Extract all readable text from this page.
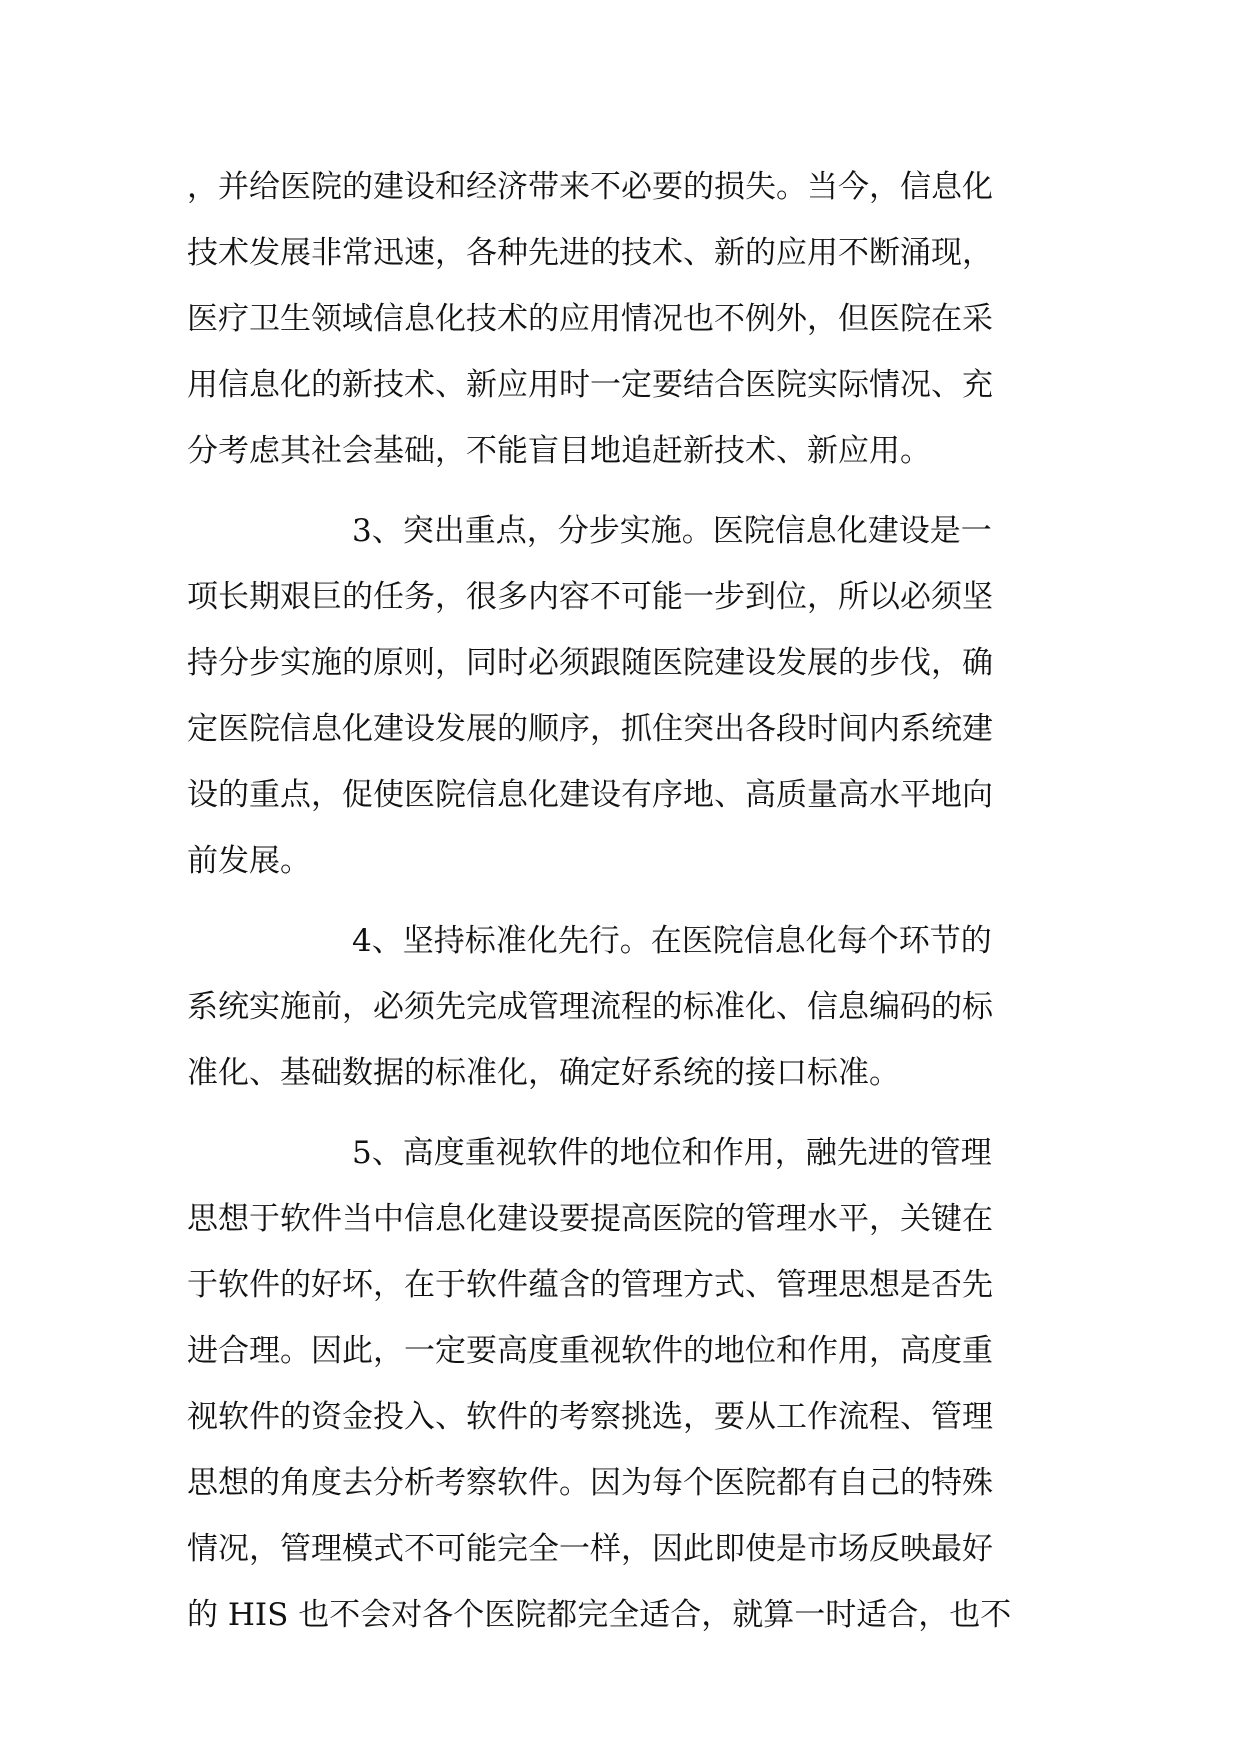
，并给医院的建设和经济带来不必要的损失。当今，信息化
技术发展非常迅速，各种先进的技术、新的应用不断涌现，
医疗卫生领域信息化技术的应用情况也不例外，但医院在采
用信息化的新技术、新应用时一定要结合医院实际情况、充
分考虑其社会基础，不能盲目地追赶新技术、新应用。
3、突出重点，分步实施。医院信息化建设是一
项长期艰巨的任务，很多内容不可能一步到位，所以必须坚
持分步实施的原则，同时必须跟随医院建设发展的步伐，确
定医院信息化建设发展的顺序，抓住突出各段时间内系统建
设的重点，促使医院信息化建设有序地、高质量高水平地向
前发展。
4、坚持标准化先行。在医院信息化每个环节的
系统实施前，必须先完成管理流程的标准化、信息编码的标
准化、基础数据的标准化，确定好系统的接口标准。
5、高度重视软件的地位和作用，融先进的管理
思想于软件当中信息化建设要提高医院的管理水平，关键在
于软件的好坏，在于软件蕴含的管理方式、管理思想是否先
进合理。因此，一定要高度重视软件的地位和作用，高度重
视软件的资金投入、软件的考察挑选，要从工作流程、管理
思想的角度去分析考察软件。因为每个医院都有自己的特殊
情况，管理模式不可能完全一样，因此即使是市场反映最好
的 HIS 也不会对各个医院都完全适合，就算一时适合，也不
